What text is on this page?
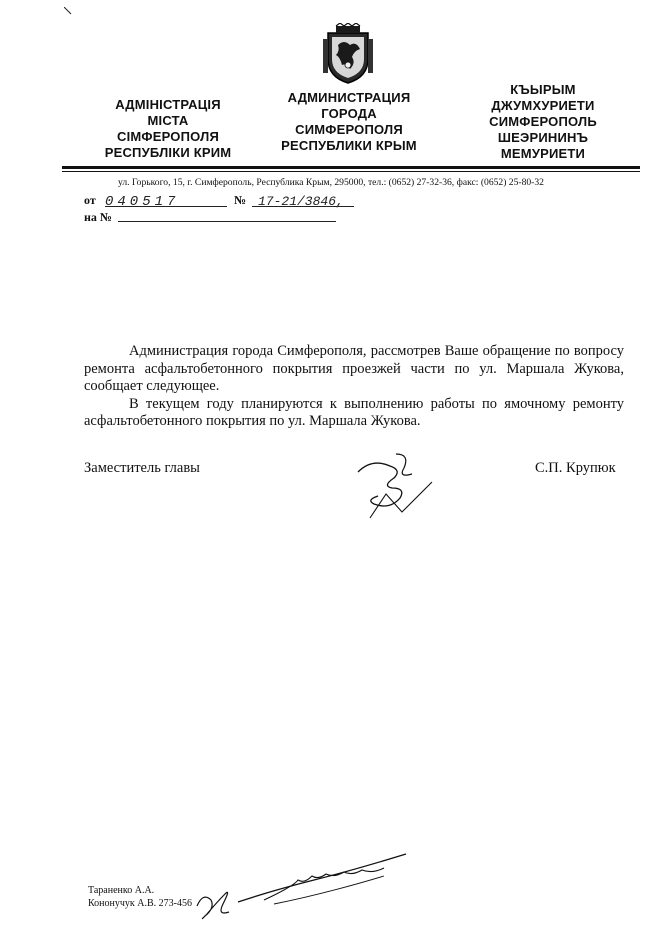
АДМІНІСТРАЦІЯ
МІСТА СІМФЕРОПОЛЯ
РЕСПУБЛІКИ КРИМ
АДМИНИСТРАЦИЯ
ГОРОДА
СИМФЕРОПОЛЯ
РЕСПУБЛИКИ КРЫМ
КЪЫРЫМ
ДЖУМХУРИЕТИ
СИМФЕРОПОЛЬ
ШЕЭРИНИНЪ
МЕМУРИЕТИ
ул. Горького, 15, г. Симферополь, Республика Крым, 295000, тел.: (0652) 27-32-36, факс: (0652) 25-80-32
от 040517	№ 17-21/3846,
на №

Администрация города Симферополя, рассмотрев Ваше обращение по вопросу ремонта асфальтобетонного покрытия проезжей части по ул. Маршала Жукова, сообщает следующее.

В текущем году планируются к выполнению работы по ямочному ремонту асфальтобетонного покрытия по ул. Маршала Жукова.

Заместитель главы	С.П. Крупюк
Тараненко А.А.
Кононучук А.В. 273-456
